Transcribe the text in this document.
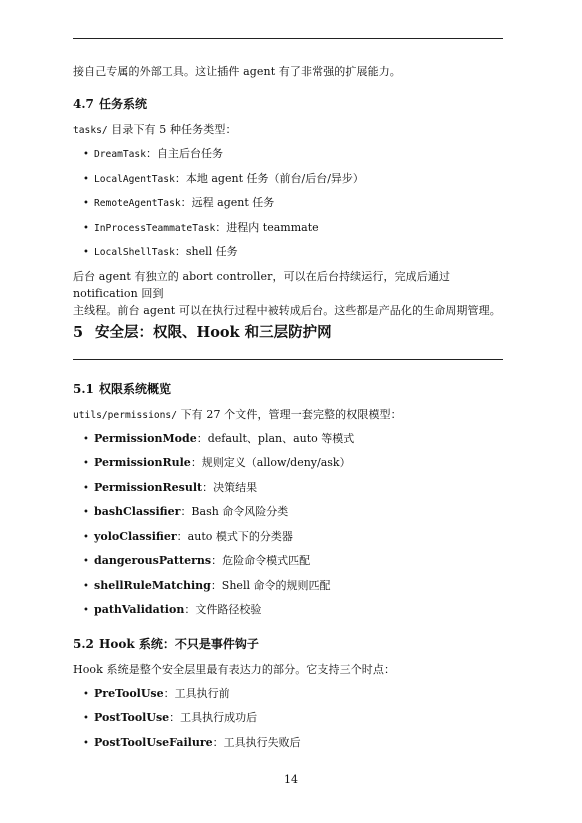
接自己专属的外部工具。这让插件 agent 有了非常强的扩展能力。
4.7 任务系统
tasks/ 目录下有 5 种任务类型：
• DreamTask：自主后台任务
• LocalAgentTask：本地 agent 任务（前台/后台/异步）
• RemoteAgentTask：远程 agent 任务
• InProcessTeammateTask：进程内 teammate
• LocalShellTask：shell 任务
后台 agent 有独立的 abort controller，可以在后台持续运行，完成后通过 notification 回到
主线程。前台 agent 可以在执行过程中被转成后台。这些都是产品化的生命周期管理。
5 安全层：权限、Hook 和三层防护网
5.1 权限系统概览
utils/permissions/ 下有 27 个文件，管理一套完整的权限模型：
• PermissionMode：default、plan、auto 等模式
• PermissionRule：规则定义（allow/deny/ask）
• PermissionResult：决策结果
• bashClassifier：Bash 命令风险分类
• yoloClassifier：auto 模式下的分类器
• dangerousPatterns：危险命令模式匹配
• shellRuleMatching：Shell 命令的规则匹配
• pathValidation：文件路径校验
5.2 Hook 系统：不只是事件钩子
Hook 系统是整个安全层里最有表达力的部分。它支持三个时点：
• PreToolUse：工具执行前
• PostToolUse：工具执行成功后
• PostToolUseFailure：工具执行失败后
14
